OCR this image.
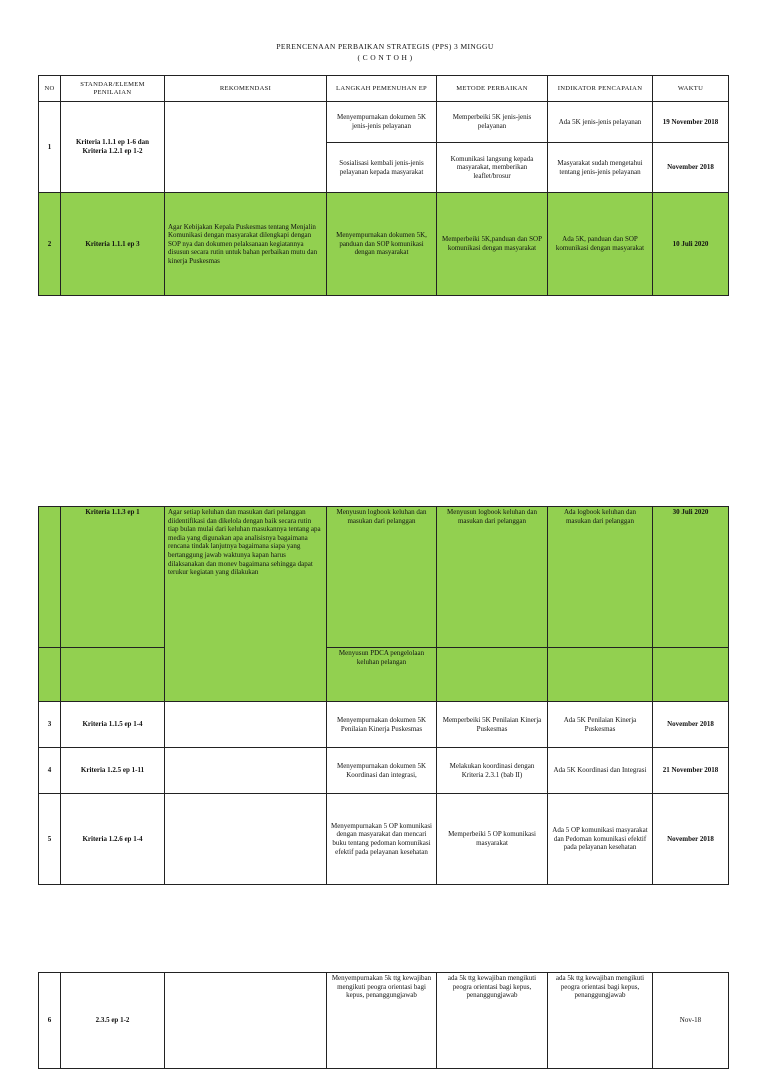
PERENCENAAN PERBAIKAN STRATEGIS (PPS) 3 MINGGU
( C O N T O H )
NO	STANDAR/ELEMEM PENILAIAN	REKOMENDASI	LANGKAH PEMENUHAN EP	METODE PERBAIKAN	INDIKATOR PENCAPAIAN	WAKTU
1	Kriteria 1.1.1 ep 1-6 dan Kriteria 1.2.1 ep 1-2		Menyempurnakan dokumen 5K jenis-jenis pelayanan	Memperbeiki 5K jenis-jenis pelayanan	Ada 5K jenis-jenis pelayanan	19 November 2018
			Sosialisasi kembali jenis-jenis pelayanan kepada masyarakat	Komunikasi langsung kepada masyarakat, memberikan leaflet/brosur	Masyarakat sudah mengetahui tentang jenis-jenis pelayanan	November 2018
2	Kriteria 1.1.1 ep 3	Agar Kebijakan Kepala Puskesmas tentang Menjalin Komunikasi dengan masyarakat dilengkapi dengan SOP nya dan dokumen pelaksanaan kegiatannya disusun secara rutin untuk bahan perbaikan mutu dan kinerja Puskesmas	Menyempurnakan dokumen 5K, panduan dan SOP komunikasi dengan masyarakat	Memperbeiki 5K,panduan dan SOP komunikasi dengan masyarakat	Ada 5K, panduan dan SOP komunikasi dengan masyarakat	10 Juli 2020
	Kriteria 1.1.3 ep 1	Agar setiap keluhan dan masukan dari pelanggan diidentifikasi dan dikelola dengan baik secara rutin tiap bulan mulai dari keluhan masukannya tentang apa media yang digunakan apa analisisnya bagaimana rencana tindak lanjutnya bagaimana siapa yang bertanggung jawab waktunya kapan harus dilaksanakan dan monev bagaimana sehingga dapat terukur kegiatan yang dilakukan	Menyusun logbook keluhan dan masukan dari pelanggan	Menyusun logbook keluhan dan masukan dari pelanggan	Ada logbook keluhan dan masukan dari pelanggan	30 Juli 2020
			Menyusun PDCA pengelolaan keluhan pelangan			
3	Kriteria 1.1.5 ep 1-4		Menyempurnakan dokumen 5K Penilaian Kinerja Puskesmas	Memperbeiki 5K Penilaian Kinerja Puskesmas	Ada 5K Penilaian Kinerja Puskesmas	November 2018
4	Kriteria 1.2.5 ep 1-11		Menyempurnakan dokumen 5K Koordinasi dan integrasi,	Melakukan koordinasi dengan Kriteria 2.3.1 (bab II)	Ada 5K Koordinasi dan Integrasi	21 November 2018
5	Kriteria 1.2.6 ep 1-4		Menyempurnakan 5 OP komunikasi dengan masyarakat dan mencari buku tentang pedoman komunikasi efektif pada pelayanan kesehatan	Memperbeiki 5 OP komunikasi masyarakat	Ada 5 OP komunikasi masyarakat dan Pedoman komunikasi efektif pada pelayanan kesehatan	November 2018
6	2.3.5 ep 1-2		Menyempurnakan 5k ttg kewajiban mengikuti peogra orientasi bagi kepus, penanggungjawab	ada 5k ttg kewajiban mengikuti peogra orientasi bagi kepus, penanggungjawab	ada 5k ttg kewajiban mengikuti peogra orientasi bagi kepus, penanggungjawab	Nov-18
